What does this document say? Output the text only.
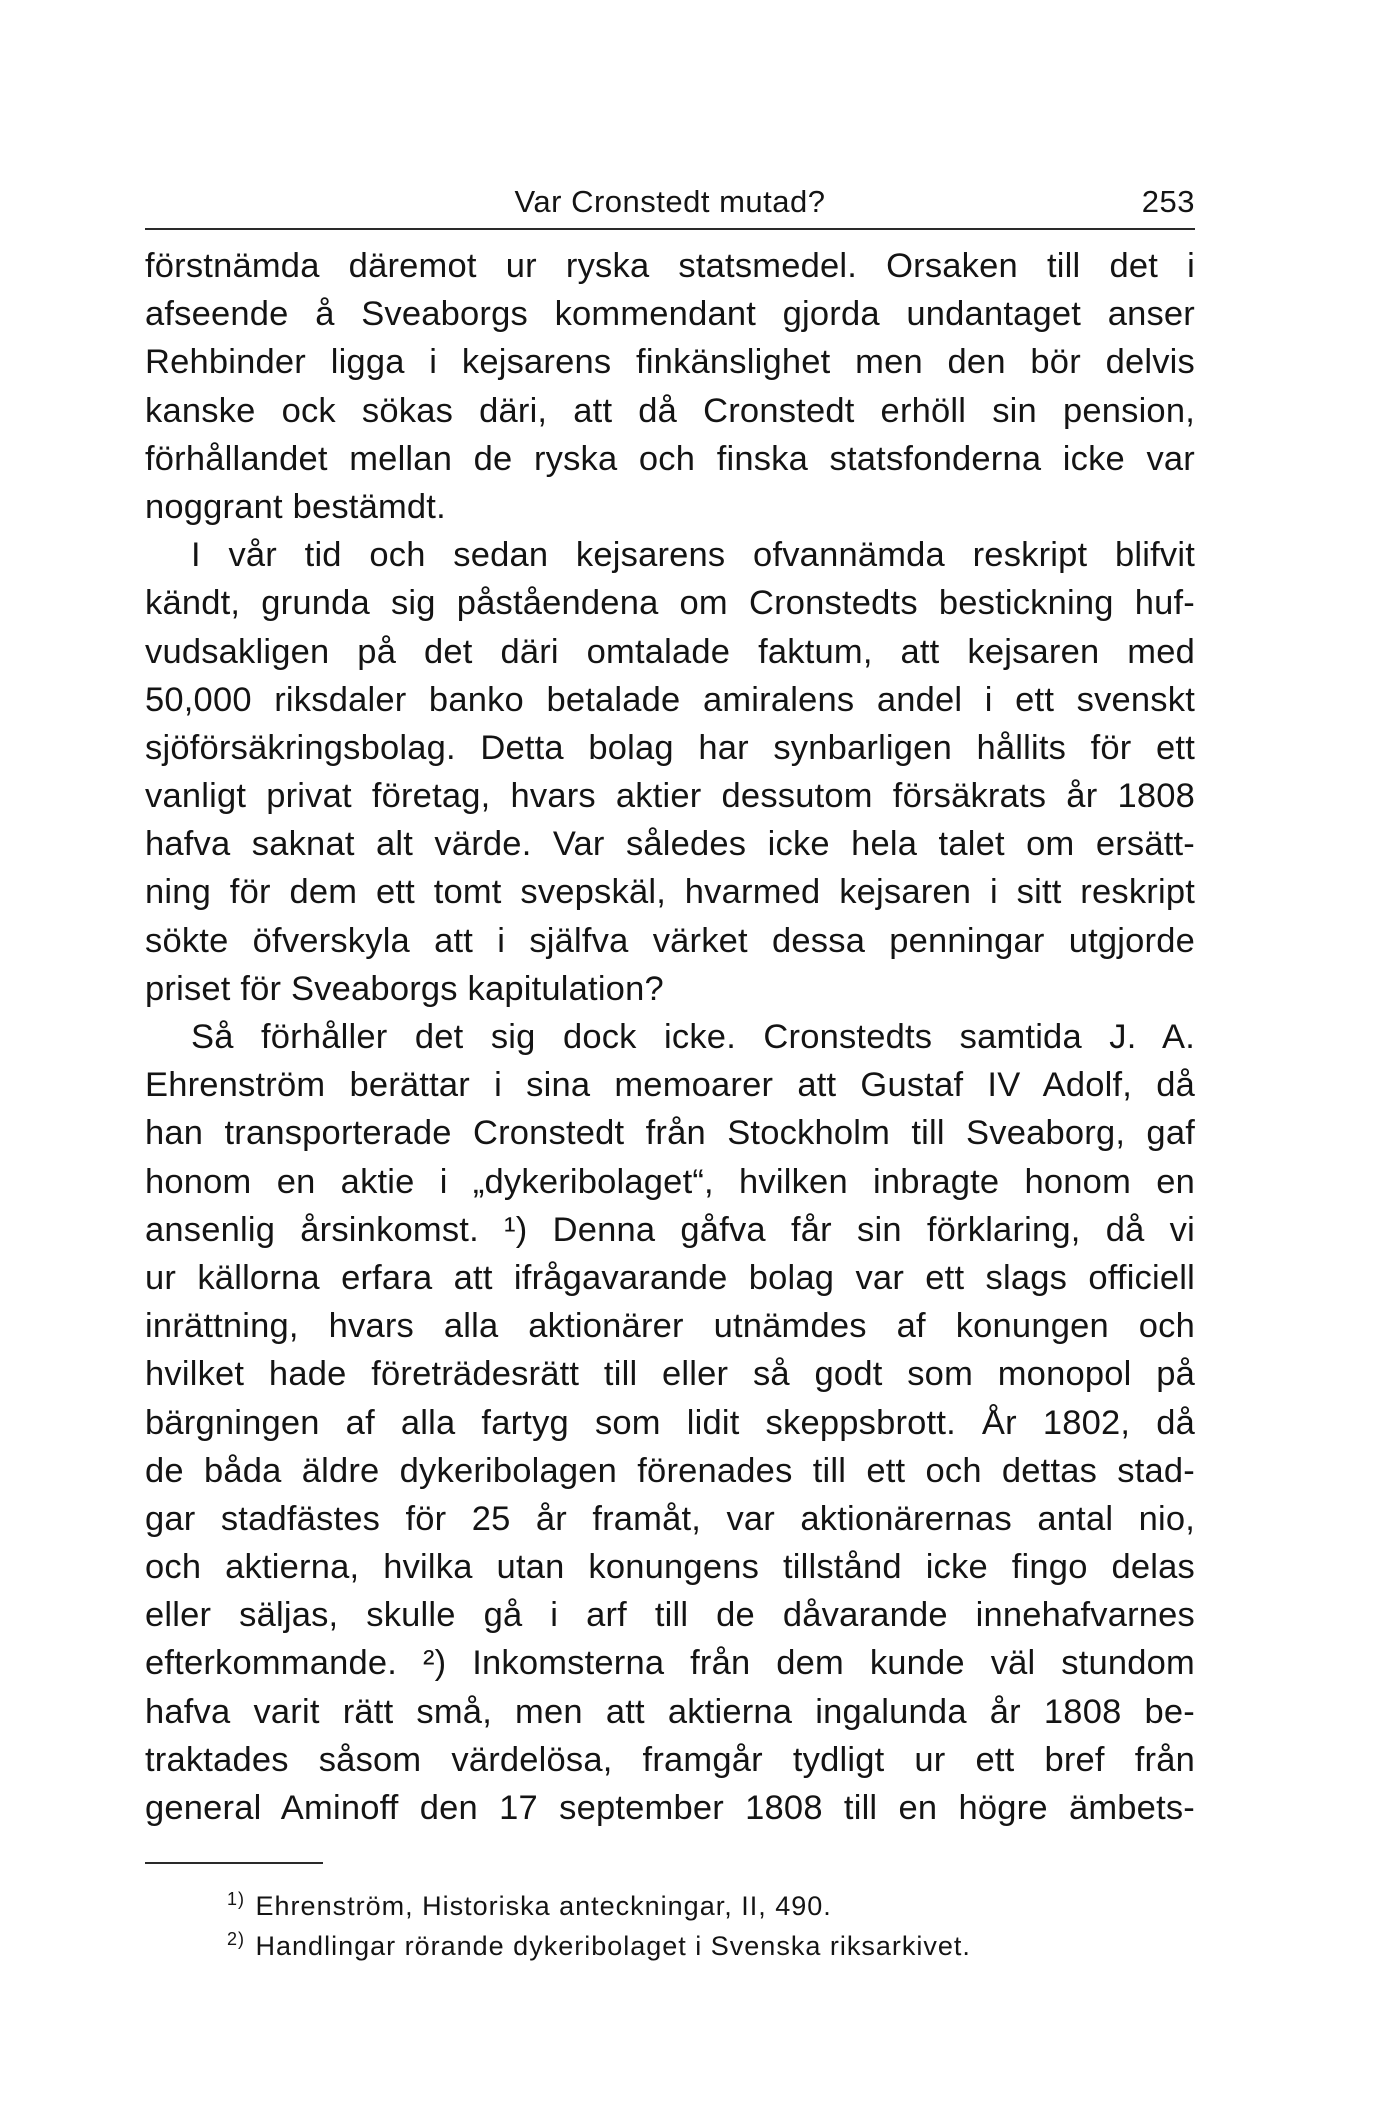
Var Cronstedt mutad?	253
förstnämda däremot ur ryska statsmedel. Orsaken till det i
afseende å Sveaborgs kommendant gjorda undantaget anser
Rehbinder ligga i kejsarens finkänslighet men den bör delvis
kanske ock sökas däri, att då Cronstedt erhöll sin pension,
förhållandet mellan de ryska och finska statsfonderna icke var
noggrant bestämdt.
I vår tid och sedan kejsarens ofvannämda reskript blifvit
kändt, grunda sig påståendena om Cronstedts bestickning huf-
vudsakligen på det däri omtalade faktum, att kejsaren med
50,000 riksdaler banko betalade amiralens andel i ett svenskt
sjöförsäkringsbolag. Detta bolag har synbarligen hållits för ett
vanligt privat företag, hvars aktier dessutom försäkrats år 1808
hafva saknat alt värde. Var således icke hela talet om ersätt-
ning för dem ett tomt svepskäl, hvarmed kejsaren i sitt reskript
sökte öfverskyla att i själfva värket dessa penningar utgjorde
priset för Sveaborgs kapitulation?
Så förhåller det sig dock icke. Cronstedts samtida J. A.
Ehrenström berättar i sina memoarer att Gustaf IV Adolf, då
han transporterade Cronstedt från Stockholm till Sveaborg, gaf
honom en aktie i „dykeribolaget“, hvilken inbragte honom en
ansenlig årsinkomst. ¹) Denna gåfva får sin förklaring, då vi
ur källorna erfara att ifrågavarande bolag var ett slags officiell
inrättning, hvars alla aktionärer utnämdes af konungen och
hvilket hade företrädesrätt till eller så godt som monopol på
bärgningen af alla fartyg som lidit skeppsbrott. År 1802, då
de båda äldre dykeribolagen förenades till ett och dettas stad-
gar stadfästes för 25 år framåt, var aktionärernas antal nio,
och aktierna, hvilka utan konungens tillstånd icke fingo delas
eller säljas, skulle gå i arf till de dåvarande innehafvarnes
efterkommande. ²) Inkomsterna från dem kunde väl stundom
hafva varit rätt små, men att aktierna ingalunda år 1808 be-
traktades såsom värdelösa, framgår tydligt ur ett bref från
general Aminoff den 17 september 1808 till en högre ämbets-
$^{1)}$ Ehrenström, Historiska anteckningar, II, 490.
$^{2)}$ Handlingar rörande dykeribolaget i Svenska riksarkivet.
